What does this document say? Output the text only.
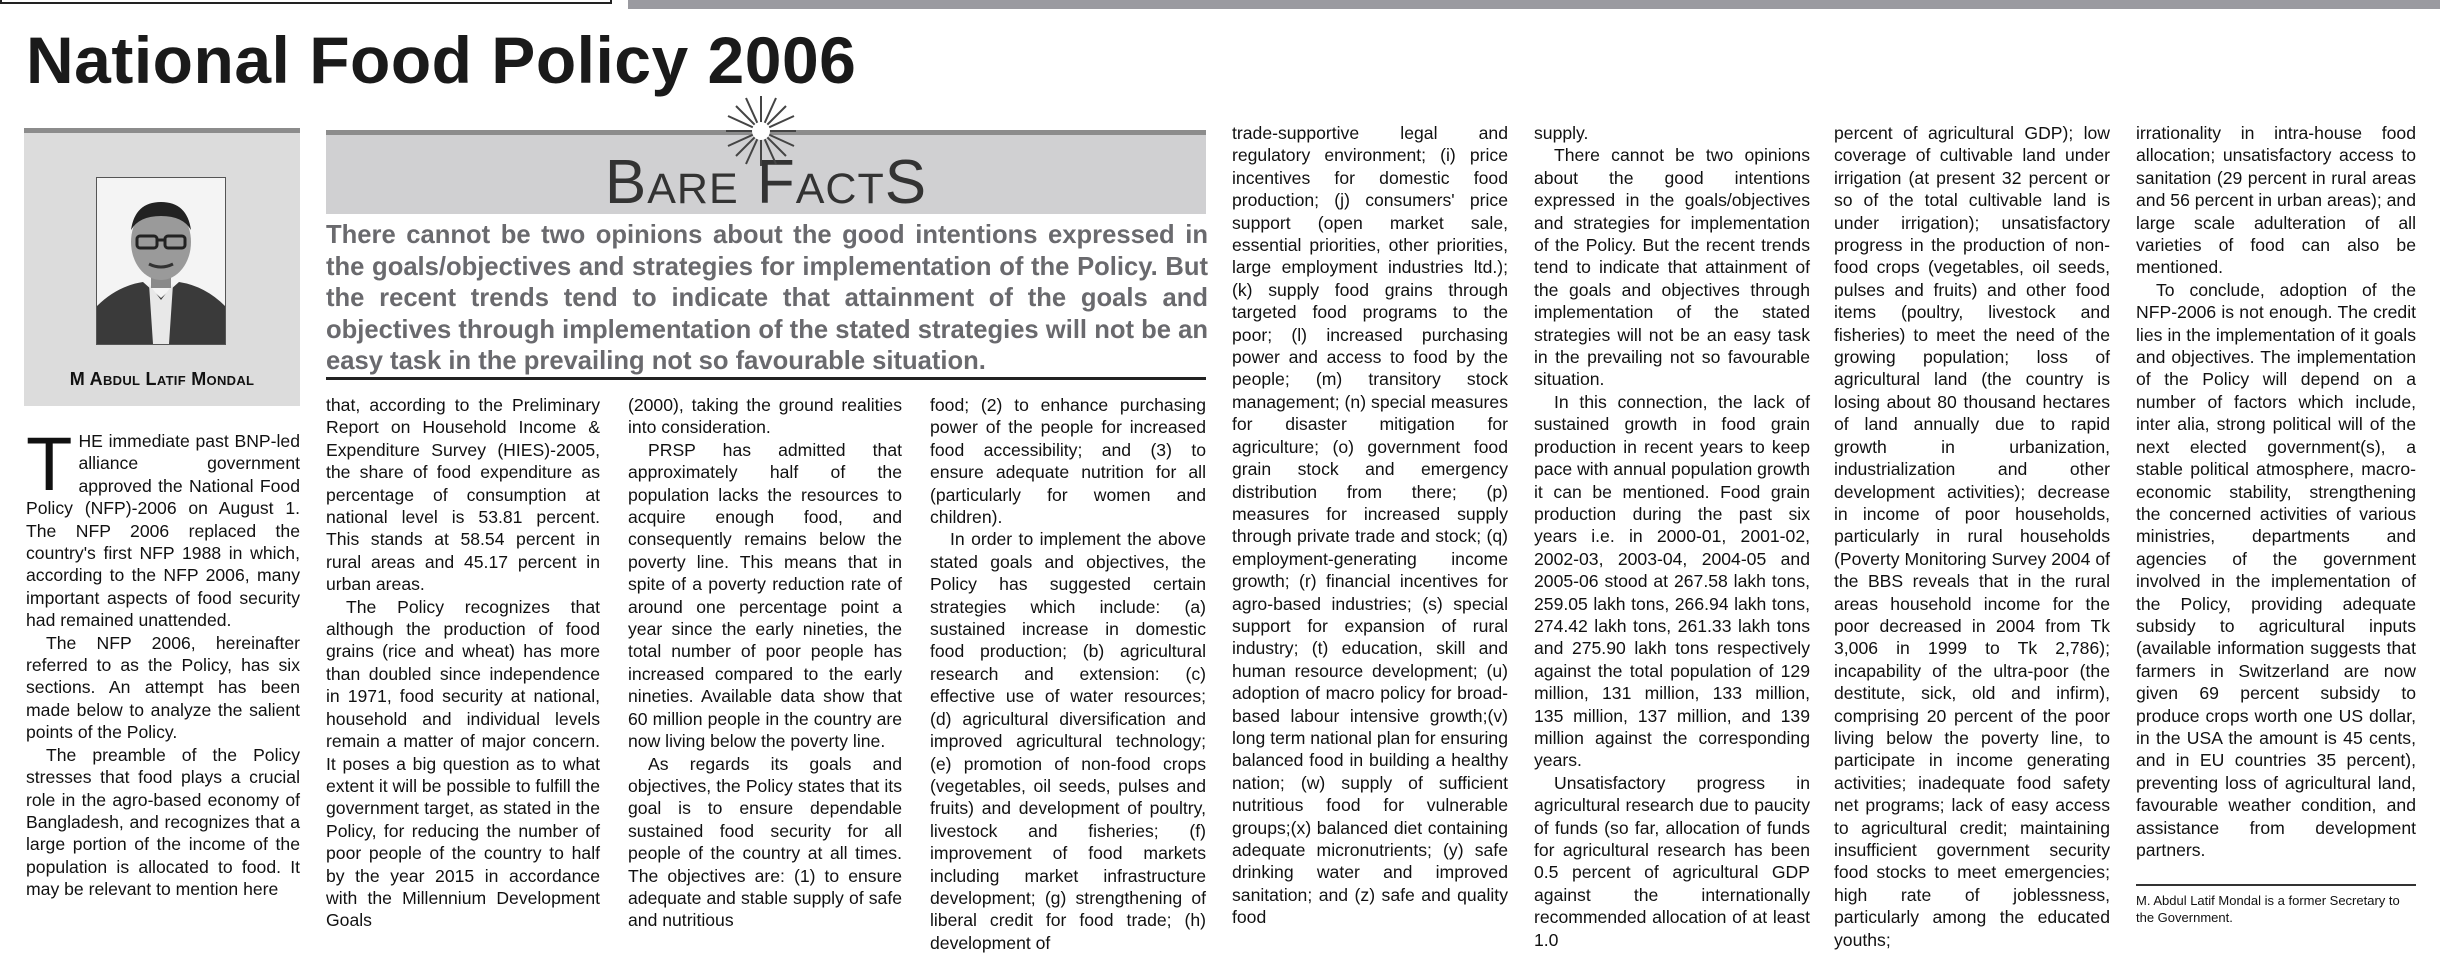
National Food Policy 2006
M Abdul Latif Mondal
Bare FactS
There cannot be two opinions about the good intentions expressed in the goals/objectives and strategies for implementation of the Policy. But the recent trends tend to indicate that attainment of the goals and objectives through implementation of the stated strategies will not be an easy task in the prevailing not so favourable situation.

THE immediate past BNP-led alliance government approved the National Food Policy (NFP)-2006 on August 1. The NFP 2006 replaced the country's first NFP 1988 in which, according to the NFP 2006, many important aspects of food security had remained unattended.

The NFP 2006, hereinafter referred to as the Policy, has six sections. An attempt has been made below to analyze the salient points of the Policy.

The preamble of the Policy stresses that food plays a crucial role in the agro-based economy of Bangladesh, and recognizes that a large portion of the income of the population is allocated to food. It may be relevant to mention here

that, according to the Preliminary Report on Household Income & Expenditure Survey (HIES)-2005, the share of food expenditure as percentage of consumption at national level is 53.81 percent. This stands at 58.54 percent in rural areas and 45.17 percent in urban areas.

The Policy recognizes that although the production of food grains (rice and wheat) has more than doubled since independence in 1971, food security at national, household and individual levels remain a matter of major concern. It poses a big question as to what extent it will be possible to fulfill the government target, as stated in the Policy, for reducing the number of poor people of the country to half by the year 2015 in accordance with the Millennium Development Goals

(2000), taking the ground realities into consideration.

PRSP has admitted that approximately half of the population lacks the resources to acquire enough food, and consequently remains below the poverty line. This means that in spite of a poverty reduction rate of around one percentage point a year since the early nineties, the total number of poor people has increased compared to the early nineties. Available data show that 60 million people in the country are now living below the poverty line.

As regards its goals and objectives, the Policy states that its goal is to ensure dependable sustained food security for all people of the country at all times. The objectives are: (1) to ensure adequate and stable supply of safe and nutritious

food; (2) to enhance purchasing power of the people for increased food accessibility; and (3) to ensure adequate nutrition for all (particularly for women and children).

In order to implement the above stated goals and objectives, the Policy has suggested certain strategies which include: (a) sustained increase in domestic food production; (b) agricultural research and extension: (c) effective use of water resources; (d) agricultural diversification and improved agricultural technology; (e) promotion of non-food crops (vegetables, oil seeds, pulses and fruits) and development of poultry, livestock and fisheries; (f) improvement of food markets including market infrastructure development; (g) strengthening of liberal credit for food trade; (h) development of

trade-supportive legal and regulatory environment; (i) price incentives for domestic food production; (j) consumers' price support (open market sale, essential priorities, other priorities, large employment industries ltd.); (k) supply food grains through targeted food programs to the poor; (l) increased purchasing power and access to food by the people; (m) transitory stock management; (n) special measures for disaster mitigation for agriculture; (o) government food grain stock and emergency distribution from there; (p) measures for increased supply through private trade and stock; (q) employment-generating income growth; (r) financial incentives for agro-based industries; (s) special support for expansion of rural industry; (t) education, skill and human resource development; (u) adoption of macro policy for broad-based labour intensive growth;(v) long term national plan for ensuring balanced food in building a healthy nation; (w) supply of sufficient nutritious food for vulnerable groups;(x) balanced diet containing adequate micronutrients; (y) safe drinking water and improved sanitation; and (z) safe and quality food

supply.

There cannot be two opinions about the good intentions expressed in the goals/objectives and strategies for implementation of the Policy. But the recent trends tend to indicate that attainment of the goals and objectives through implementation of the stated strategies will not be an easy task in the prevailing not so favourable situation.

In this connection, the lack of sustained growth in food grain production in recent years to keep pace with annual population growth it can be mentioned. Food grain production during the past six years i.e. in 2000-01, 2001-02, 2002-03, 2003-04, 2004-05 and 2005-06 stood at 267.58 lakh tons, 259.05 lakh tons, 266.94 lakh tons, 274.42 lakh tons, 261.33 lakh tons and 275.90 lakh tons respectively against the total population of 129 million, 131 million, 133 million, 135 million, 137 million, and 139 million against the corresponding years.

Unsatisfactory progress in agricultural research due to paucity of funds (so far, allocation of funds for agricultural research has been 0.5 percent of agricultural GDP against the internationally recommended allocation of at least 1.0

percent of agricultural GDP); low coverage of cultivable land under irrigation (at present 32 percent or so of the total cultivable land is under irrigation); unsatisfactory progress in the production of non-food crops (vegetables, oil seeds, pulses and fruits) and other food items (poultry, livestock and fisheries) to meet the need of the growing population; loss of agricultural land (the country is losing about 80 thousand hectares of land annually due to rapid growth in urbanization, industrialization and other development activities); decrease in income of poor households, particularly in rural households (Poverty Monitoring Survey 2004 of the BBS reveals that in the rural areas household income for the poor decreased in 2004 from Tk 3,006 in 1999 to Tk 2,786); incapability of the ultra-poor (the destitute, sick, old and infirm), comprising 20 percent of the poor living below the poverty line, to participate in income generating activities; inadequate food safety net programs; lack of easy access to agricultural credit; maintaining insufficient government security food stocks to meet emergencies; high rate of joblessness, particularly among the educated youths;

irrationality in intra-house food allocation; unsatisfactory access to sanitation (29 percent in rural areas and 56 percent in urban areas); and large scale adulteration of all varieties of food can also be mentioned.

To conclude, adoption of the NFP-2006 is not enough. The credit lies in the implementation of it goals and objectives. The implementation of the Policy will depend on a number of factors which include, inter alia, strong political will of the next elected government(s), a stable political atmosphere, macro-economic stability, strengthening the concerned activities of various ministries, departments and agencies of the government involved in the implementation of the Policy, providing adequate subsidy to agricultural inputs (available information suggests that farmers in Switzerland are now given 69 percent subsidy to produce crops worth one US dollar, in the USA the amount is 45 cents, and in EU countries 35 percent), preventing loss of agricultural land, favourable weather condition, and assistance from development partners.

M. Abdul Latif Mondal is a former Secretary to the Government.
